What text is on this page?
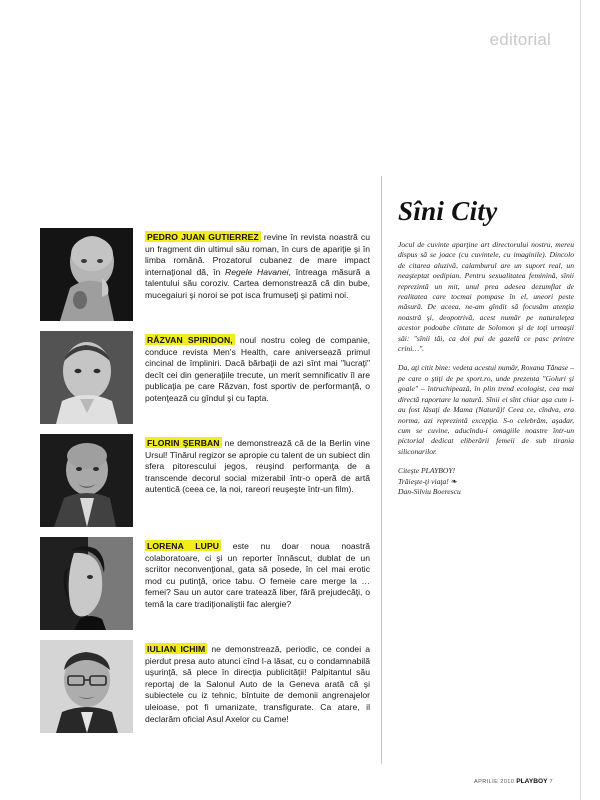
editorial
PEDRO JUAN GUTIERREZ revine în revista noastră cu un fragment din ultimul său roman, în curs de apariţie şi în limba română. Prozatorul cubanez de mare impact internaţional dă, în Regele Havanei, întreaga măsură a talentului său coroziv. Cartea demonstrează că din bube, mucegaiuri şi noroi se pot isca frumuseţi şi patimi noi.
RĂZVAN SPIRIDON, noul nostru coleg de companie, conduce revista Men's Health, care aniversează primul cincinal de împliniri. Dacă bărbaţii de azi sînt mai "lucraţi" decît cei din generaţiile trecute, un merit semnificativ îl are publicaţia pe care Răzvan, fost sportiv de performanţă, o potenţează cu gîndul şi cu fapta.
FLORIN ŞERBAN ne demonstrează că de la Berlin vine Ursul! Tînărul regizor se apropie cu talent de un subiect din sfera pitorescului jegos, reuşind performanţa de a transcende decorul social mizerabil într-o operă de artă autentică (ceea ce, la noi, rareori reuşeşte într-un film).
LORENA LUPU este nu doar noua noastră colaboratoare, ci şi un reporter înnăscut, dublat de un scriitor neconvenţional, gata să posede, în cel mai erotic mod cu putinţă, orice tabu. O femeie care merge la …femei? Sau un autor care tratează liber, fără prejudecăţi, o temă la care tradiţionaliştii fac alergie?
IULIAN ICHIM ne demonstrează, periodic, ce condei a pierdut presa auto atunci cînd l-a lăsat, cu o condamnabilă uşurinţă, să plece în direcţia publicităţii! Palpitantul său reportaj de la Salonul Auto de la Geneva arată că şi subiectele cu iz tehnic, bîntuite de demonii angrenajelor uleioase, pot fi umanizate, transfigurate. Ca atare, il declarăm oficial Asul Axelor cu Came!
Sîni City

Jocul de cuvinte aparţine art directorului nostru, mereu dispus să se joace (cu cuvintele, cu imaginile). Dincolo de citarea aluzivă, calamburul are un suport real, un neaşteptat oedipian. Pentru sexualitatea feminină, sînii reprezintă un mit, unul prea adesea dezumflat de realitatea care tocmai pompase în el, uneori peste măsură. De aceea, ne-am gîndit să focusăm atenţia noastră şi, deopotrivă, acest număr pe naturaleţea acestor podoabe cîntate de Solomon şi de toţi urmaşii săi: "sînii tăi, ca doi pui de gazelă ce pasc printre crini…".

Da, aţi citit bine: vedeta acestui număr, Roxana Tănase – pe care o ştiţi de pe sport.ro, unde prezenta "Goluri şi goale" – întruchipează, în plin trend ecologist, cea mai directă raportare la natură. Sînii ei sînt chiar aşa cum i-au fost lăsaţi de Mama (Natură)! Ceea ce, cîndva, era norma, azi reprezintă excepţia. S-o celebrăm, aşadar, cum se cuvine, aducîndu-i omagiile noastre într-un pictorial dedicat eliberării femeii de sub tirania siliconarilor.

Citeşte PLAYBOY!
Trăieşte-ţi viaţa! ❧
Dan-Silviu Boerescu
APRILIE 2010 PLAYBOY 7
